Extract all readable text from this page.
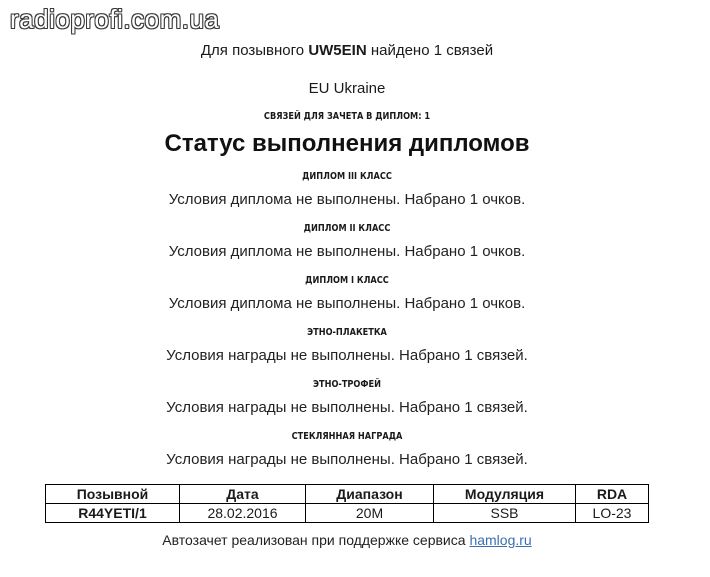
radioprofi.com.ua
Для позывного UW5EIN найдено 1 связей
EU Ukraine
СВЯЗЕЙ ДЛЯ ЗАЧЕТА В ДИПЛОМ: 1
Статус выполнения дипломов
ДИПЛОМ III КЛАСС
Условия диплома не выполнены. Набрано 1 очков.
ДИПЛОМ II КЛАСС
Условия диплома не выполнены. Набрано 1 очков.
ДИПЛОМ I КЛАСС
Условия диплома не выполнены. Набрано 1 очков.
ЭТНО-ПЛАКЕТКА
Условия награды не выполнены. Набрано 1 связей.
ЭТНО-ТРОФЕЙ
Условия награды не выполнены. Набрано 1 связей.
СТЕКЛЯННАЯ НАГРАДА
Условия награды не выполнены. Набрано 1 связей.
Позывной	Дата	Диапазон	Модуляция	RDA
R44YETI/1	28.02.2016	20M	SSB	LO-23
Автозачет реализован при поддержке сервиса hamlog.ru
